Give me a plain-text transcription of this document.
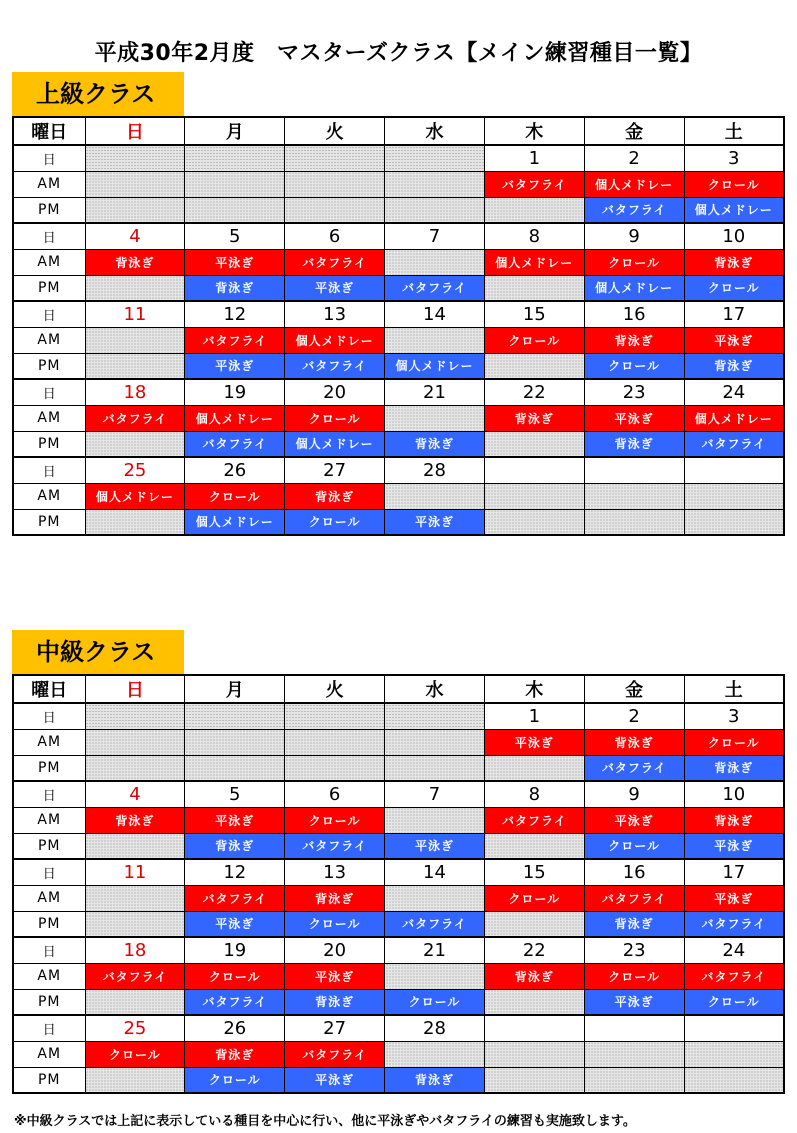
平成30年2月度　マスターズクラス【メイン練習種目一覧】
上級クラス
曜日	日	月	火	水	木	金	土
日					1	2	3
AM					バタフライ	個人メドレー	クロール
PM						バタフライ	個人メドレー
日	4	5	6	7	8	9	10
AM	背泳ぎ	平泳ぎ	バタフライ		個人メドレー	クロール	背泳ぎ
PM		背泳ぎ	平泳ぎ	バタフライ		個人メドレー	クロール
日	11	12	13	14	15	16	17
AM		バタフライ	個人メドレー		クロール	背泳ぎ	平泳ぎ
PM		平泳ぎ	バタフライ	個人メドレー		クロール	背泳ぎ
日	18	19	20	21	22	23	24
AM	バタフライ	個人メドレー	クロール		背泳ぎ	平泳ぎ	個人メドレー
PM		バタフライ	個人メドレー	背泳ぎ		背泳ぎ	バタフライ
日	25	26	27	28			
AM	個人メドレー	クロール	背泳ぎ				
PM		個人メドレー	クロール	平泳ぎ			
中級クラス
曜日	日	月	火	水	木	金	土
日					1	2	3
AM					平泳ぎ	背泳ぎ	クロール
PM						バタフライ	背泳ぎ
日	4	5	6	7	8	9	10
AM	背泳ぎ	平泳ぎ	クロール		バタフライ	平泳ぎ	背泳ぎ
PM		背泳ぎ	バタフライ	平泳ぎ		クロール	平泳ぎ
日	11	12	13	14	15	16	17
AM		バタフライ	背泳ぎ		クロール	バタフライ	平泳ぎ
PM		平泳ぎ	クロール	バタフライ		背泳ぎ	バタフライ
日	18	19	20	21	22	23	24
AM	バタフライ	クロール	平泳ぎ		背泳ぎ	クロール	バタフライ
PM		バタフライ	背泳ぎ	クロール		平泳ぎ	クロール
日	25	26	27	28			
AM	クロール	背泳ぎ	バタフライ				
PM		クロール	平泳ぎ	背泳ぎ			
※中級クラスでは上記に表示している種目を中心に行い、他に平泳ぎやバタフライの練習も実施致します。
